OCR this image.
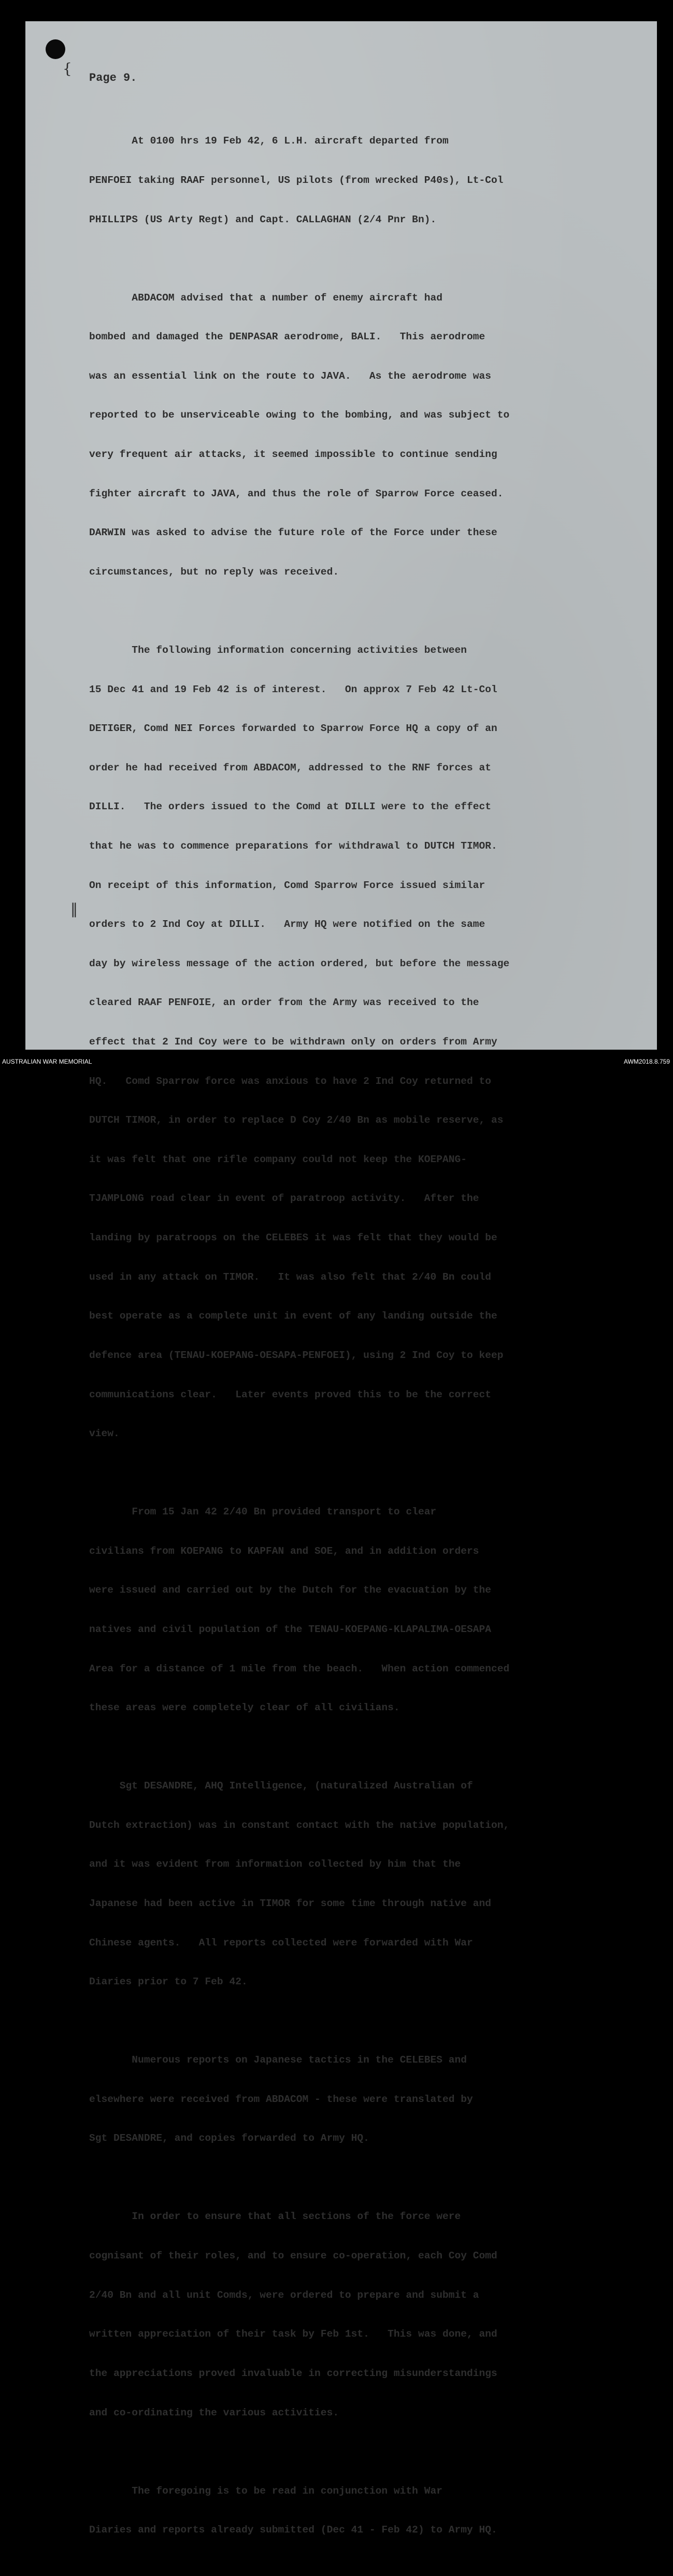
{
‖
Page 9.

At 0100 hrs 19 Feb 42, 6 L.H. aircraft departed from

PENFOEI taking RAAF personnel, US pilots (from wrecked P40s), Lt-Col

PHILLIPS (US Arty Regt) and Capt. CALLAGHAN (2/4 Pnr Bn).

ABDACOM advised that a number of enemy aircraft had

bombed and damaged the DENPASAR aerodrome, BALI.   This aerodrome

was an essential link on the route to JAVA.   As the aerodrome was

reported to be unserviceable owing to the bombing, and was subject to

very frequent air attacks, it seemed impossible to continue sending

fighter aircraft to JAVA, and thus the role of Sparrow Force ceased.

DARWIN was asked to advise the future role of the Force under these

circumstances, but no reply was received.

The following information concerning activities between

15 Dec 41 and 19 Feb 42 is of interest.   On approx 7 Feb 42 Lt-Col

DETIGER, Comd NEI Forces forwarded to Sparrow Force HQ a copy of an

order he had received from ABDACOM, addressed to the RNF forces at

DILLI.   The orders issued to the Comd at DILLI were to the effect

that he was to commence preparations for withdrawal to DUTCH TIMOR.

On receipt of this information, Comd Sparrow Force issued similar

orders to 2 Ind Coy at DILLI.   Army HQ were notified on the same

day by wireless message of the action ordered, but before the message

cleared RAAF PENFOIE, an order from the Army was received to the

effect that 2 Ind Coy were to be withdrawn only on orders from Army

HQ.   Comd Sparrow force was anxious to have 2 Ind Coy returned to

DUTCH TIMOR, in order to replace D Coy 2/40 Bn as mobile reserve, as

it was felt that one rifle company could not keep the KOEPANG-

TJAMPLONG road clear in event of paratroop activity.   After the

landing by paratroops on the CELEBES it was felt that they would be

used in any attack on TIMOR.   It was also felt that 2/40 Bn could

best operate as a complete unit in event of any landing outside the

defence area (TENAU-KOEPANG-OESAPA-PENFOEI), using 2 Ind Coy to keep

communications clear.   Later events proved this to be the correct

view.

From 15 Jan 42 2/40 Bn provided transport to clear

civilians from KOEPANG to KAPFAN and SOE, and in addition orders

were issued and carried out by the Dutch for the evacuation by the

natives and civil population of the TENAU-KOEPANG-KLAPALIMA-OESAPA

Area for a distance of 1 mile from the beach.   When action commenced

these areas were completely clear of all civilians.

Sgt DESANDRE, AHQ Intelligence, (naturalized Australian of

Dutch extraction) was in constant contact with the native population,

and it was evident from information collected by him that the

Japanese had been active in TIMOR for some time through native and

Chinese agents.   All reports collected were forwarded with War

Diaries prior to 7 Feb 42.

Numerous reports on Japanese tactics in the CELEBES and

elsewhere were received from ABDACOM - these were translated by

Sgt DESANDRE, and copies forwarded to Army HQ.

In order to ensure that all sections of the force were

cognisant of their roles, and to ensure co-operation, each Coy Comd

2/40 Bn and all unit Comds, were ordered to prepare and submit a

written appreciation of their task by Feb 1st.   This was done, and

the appreciations proved invaluable in correcting misunderstandings

and co-ordinating the various activities.

The foregoing is to be read in conjunction with War

Diaries and reports already submitted (Dec 41 - Feb 42) to Army HQ.

AUSTRALIAN WAR MEMORIAL	AWM2018.8.759
